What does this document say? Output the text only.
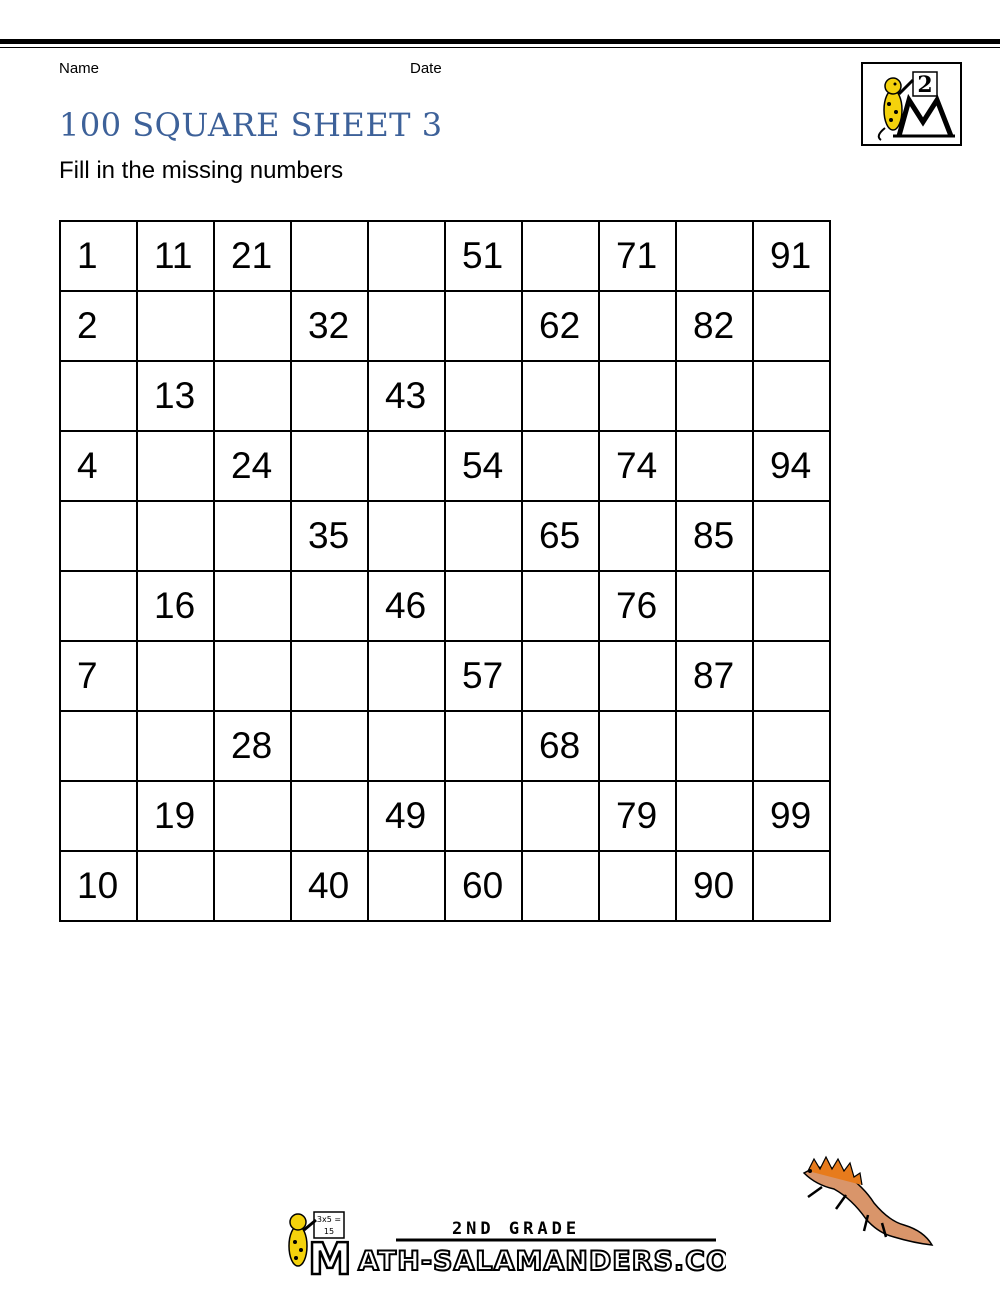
Name	Date
100 SQUARE SHEET 3
Fill in the missing numbers
2
1	11	21			51		71		91
2			32			62		82	
	13			43					
4		24			54		74		94
			35			65		85	
	16			46			76		
7					57			87	
		28				68			
	19			49			79		99
10			40		60			90	
3x5 =
15
M
2ND GRADE
ATH-SALAMANDERS.COM
